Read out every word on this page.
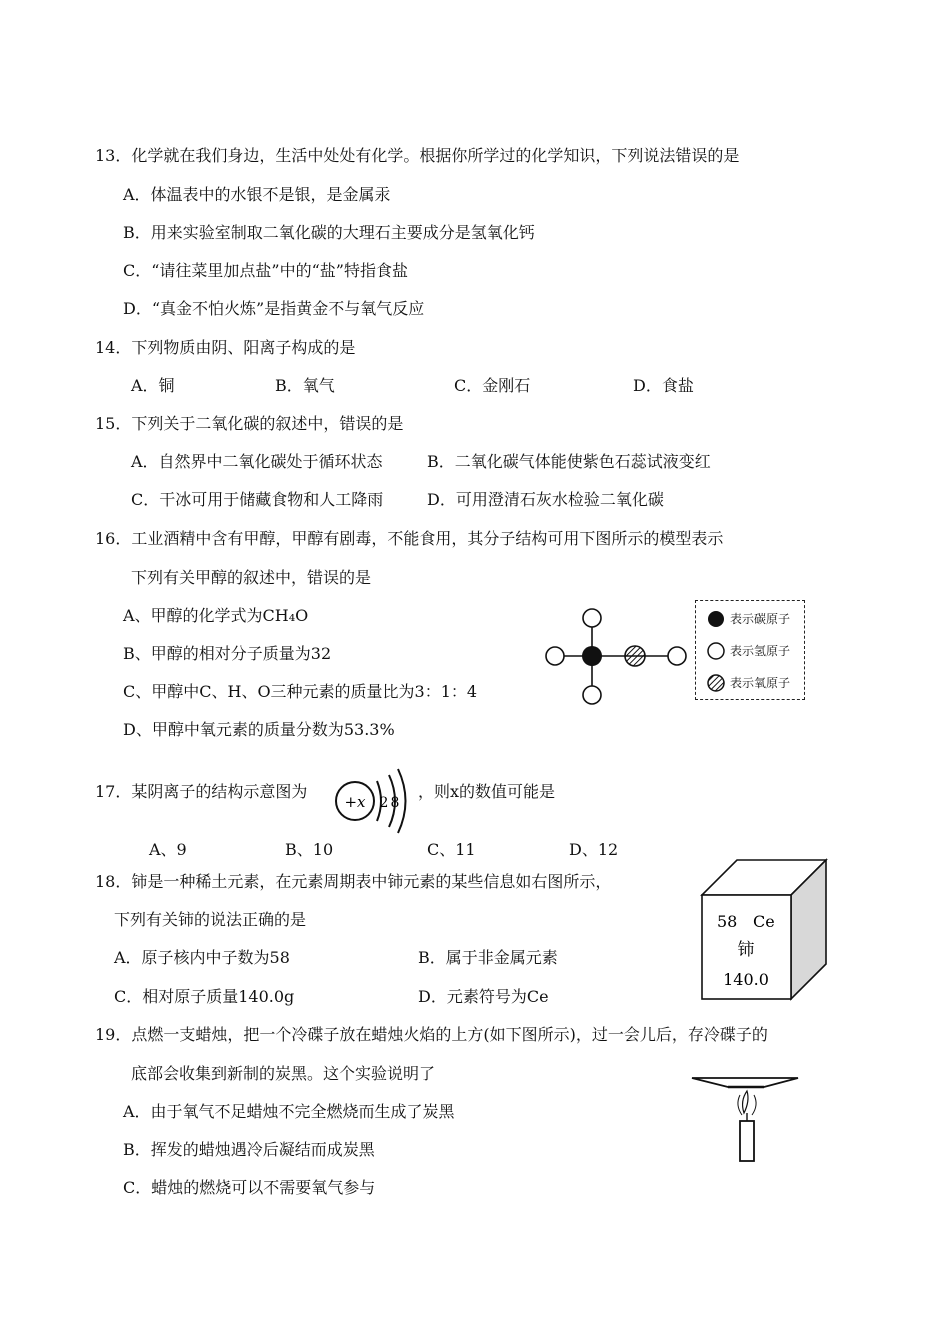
13．化学就在我们身边，生活中处处有化学。根据你所学过的化学知识，下列说法错误的是
A．体温表中的水银不是银，是金属汞
B．用来实验室制取二氧化碳的大理石主要成分是氢氧化钙
C．“请往菜里加点盐”中的“盐”特指食盐
D．“真金不怕火炼”是指黄金不与氧气反应
14．下列物质由阴、阳离子构成的是
A．铜	B．氧气	C．金刚石	D．食盐
15．下列关于二氧化碳的叙述中，错误的是
A．自然界中二氧化碳处于循环状态	B．二氧化碳气体能使紫色石蕊试液变红
C．干冰可用于储藏食物和人工降雨	D．可用澄清石灰水检验二氧化碳
16．工业酒精中含有甲醇，甲醇有剧毒，不能食用，其分子结构可用下图所示的模型表示
下列有关甲醇的叙述中，错误的是
A、甲醇的化学式为CH₄O
B、甲醇的相对分子质量为32
C、甲醇中C、H、O三种元素的质量比为3：1：4
D、甲醇中氧元素的质量分数为53.3%
表示碳原子
表示氢原子
表示氧原子
17．某阴离子的结构示意图为
+x 2 8
，则x的数值可能是
A、9	B、10	C、11	D、12
18．铈是一种稀土元素，在元素周期表中铈元素的某些信息如右图所示，
下列有关铈的说法正确的是
A．原子核内中子数为58	B．属于非金属元素
C．相对原子质量140.0g	D．元素符号为Ce
58 Ce
铈
140.0
19．点燃一支蜡烛，把一个冷碟子放在蜡烛火焰的上方(如下图所示)，过一会儿后，存冷碟子的
底部会收集到新制的炭黑。这个实验说明了
A．由于氧气不足蜡烛不完全燃烧而生成了炭黑
B．挥发的蜡烛遇冷后凝结而成炭黑
C．蜡烛的燃烧可以不需要氧气参与
